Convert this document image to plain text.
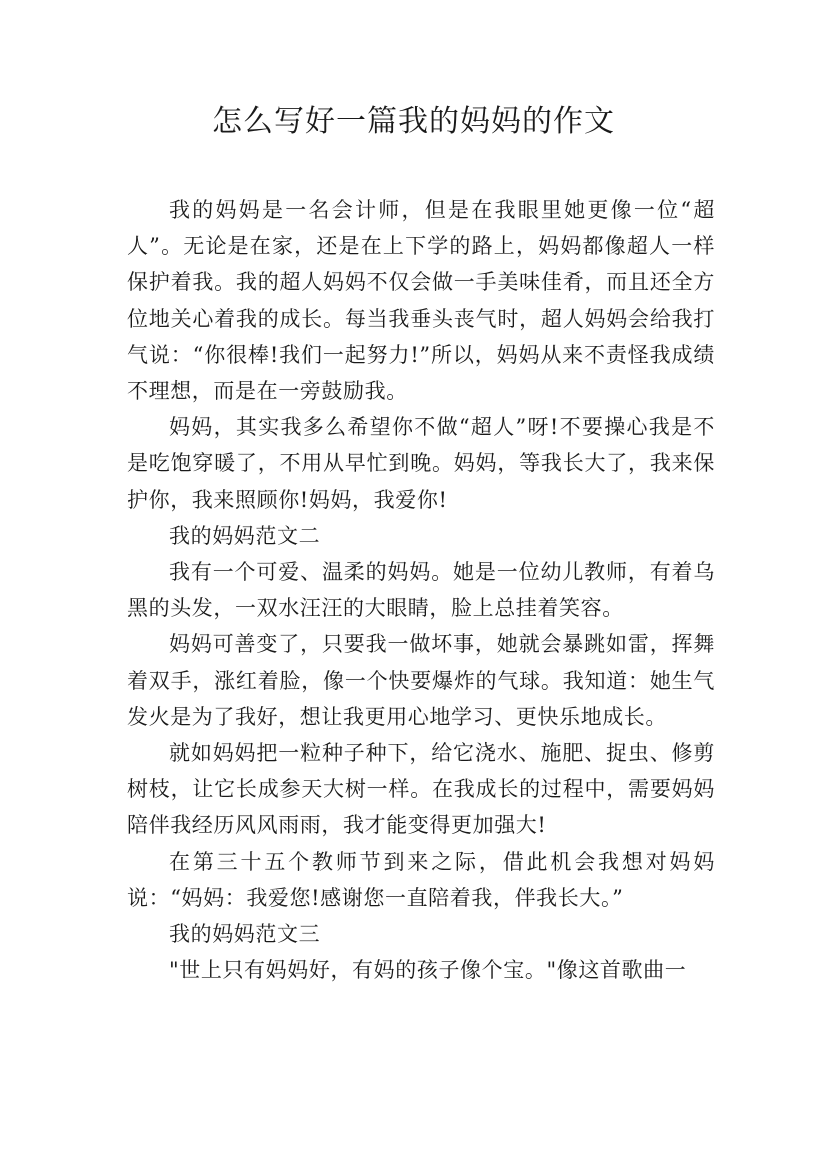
怎么写好一篇我的妈妈的作文

我的妈妈是一名会计师，但是在我眼里她更像一位“超人”。无论是在家，还是在上下学的路上，妈妈都像超人一样保护着我。我的超人妈妈不仅会做一手美味佳肴，而且还全方位地关心着我的成长。每当我垂头丧气时，超人妈妈会给我打气说：“你很棒!我们一起努力!”所以，妈妈从来不责怪我成绩不理想，而是在一旁鼓励我。

妈妈，其实我多么希望你不做“超人”呀!不要操心我是不是吃饱穿暖了，不用从早忙到晚。妈妈，等我长大了，我来保护你，我来照顾你!妈妈，我爱你!

我的妈妈范文二

我有一个可爱、温柔的妈妈。她是一位幼儿教师，有着乌黑的头发，一双水汪汪的大眼睛，脸上总挂着笑容。

妈妈可善变了，只要我一做坏事，她就会暴跳如雷，挥舞着双手，涨红着脸，像一个快要爆炸的气球。我知道：她生气发火是为了我好，想让我更用心地学习、更快乐地成长。

就如妈妈把一粒种子种下，给它浇水、施肥、捉虫、修剪树枝，让它长成参天大树一样。在我成长的过程中，需要妈妈陪伴我经历风风雨雨，我才能变得更加强大!

在第三十五个教师节到来之际，借此机会我想对妈妈说：“妈妈：我爱您!感谢您一直陪着我，伴我长大。”

我的妈妈范文三

"世上只有妈妈好，有妈的孩子像个宝。"像这首歌曲一
